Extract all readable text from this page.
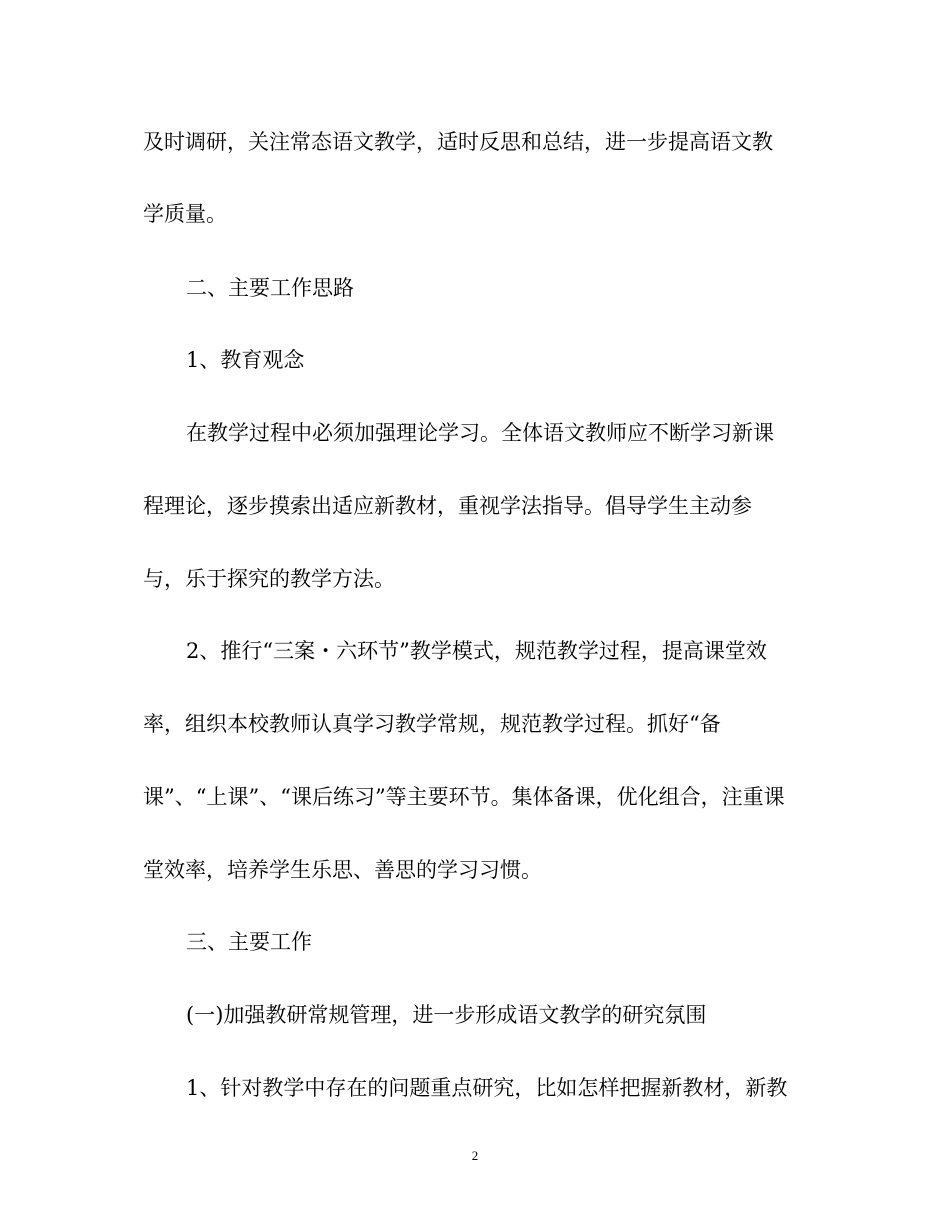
及时调研，关注常态语文教学，适时反思和总结，进一步提高语文教
学质量。
二、主要工作思路
1、教育观念
在教学过程中必须加强理论学习。全体语文教师应不断学习新课
程理论，逐步摸索出适应新教材，重视学法指导。倡导学生主动参
与，乐于探究的教学方法。
2、推行“三案・六环节”教学模式，规范教学过程，提高课堂效
率，组织本校教师认真学习教学常规，规范教学过程。抓好“备
课”、“上课”、“课后练习”等主要环节。集体备课，优化组合，注重课
堂效率，培养学生乐思、善思的学习习惯。
三、主要工作
(一)加强教研常规管理，进一步形成语文教学的研究氛围
1、针对教学中存在的问题重点研究，比如怎样把握新教材，新教
2
